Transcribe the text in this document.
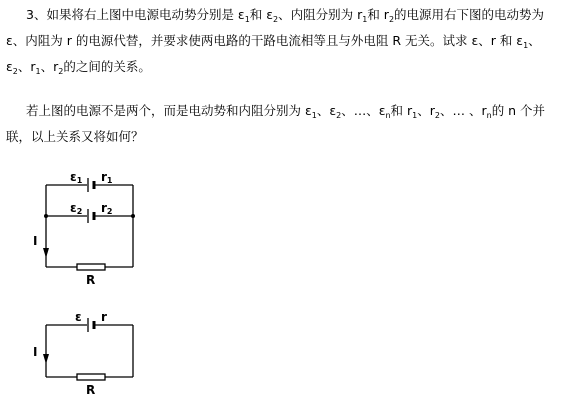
3、如果将右上图中电源电动势分别是 $\varepsilon_1$和 $\varepsilon_2$、内阻分别为 $r_1$和 $r_2$的电源用右下图的电动势为 ε、内阻为 r 的电源代替，并要求使两电路的干路电流相等且与外电阻 R 无关。试求 ε、r 和 $\varepsilon_1$、$\varepsilon_2$、$r_1$、$r_2$的之间的关系。

若上图的电源不是两个，而是电动势和内阻分别为 $\varepsilon_1$、$\varepsilon_2$、…、$\varepsilon_n$和 $r_1$、$r_2$、… 、$r_n$的 n 个并联，以上关系又将如何？

ε1 r1
ε2 r2
I
R
ε r
I
R
